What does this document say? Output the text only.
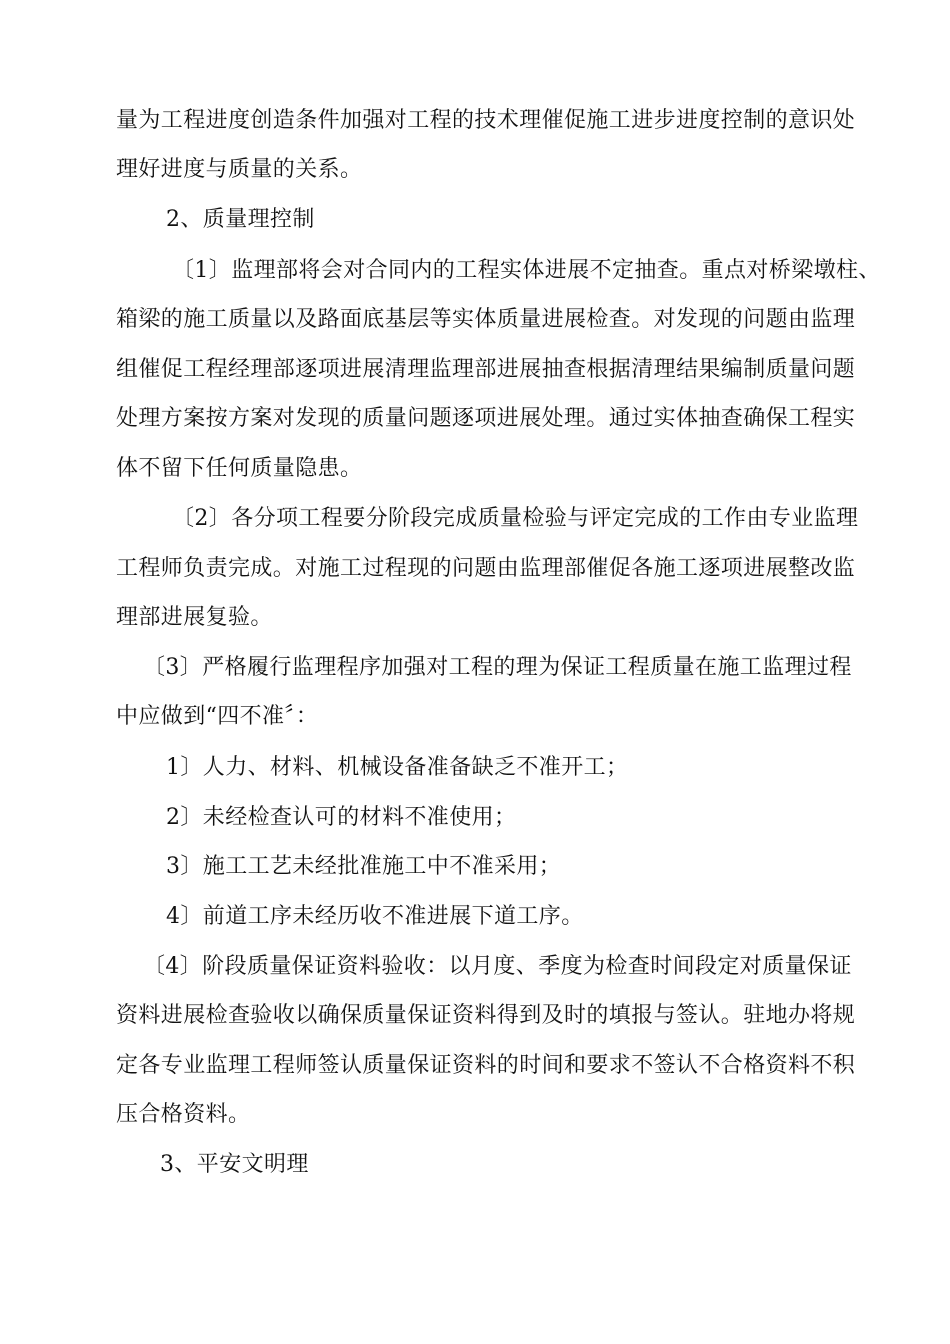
量为工程进度创造条件加强对工程的技术理催促施工进步进度控制的意识处
理好进度与质量的关系。
2、质量理控制
〔1〕监理部将会对合同内的工程实体进展不定抽查。重点对桥梁墩柱、
箱梁的施工质量以及路面底基层等实体质量进展检查。对发现的问题由监理
组催促工程经理部逐项进展清理监理部进展抽查根据清理结果编制质量问题
处理方案按方案对发现的质量问题逐项进展处理。通过实体抽查确保工程实
体不留下任何质量隐患。
〔2〕各分项工程要分阶段完成质量检验与评定完成的工作由专业监理
工程师负责完成。对施工过程现的问题由监理部催促各施工逐项进展整改监
理部进展复验。
〔3〕严格履行监理程序加强对工程的理为保证工程质量在施工监理过程
中应做到“四不准〞：
1〕人力、材料、机械设备准备缺乏不准开工；
2〕未经检查认可的材料不准使用；
3〕施工工艺未经批准施工中不准采用；
4〕前道工序未经历收不准进展下道工序。
〔4〕阶段质量保证资料验收：以月度、季度为检查时间段定对质量保证
资料进展检查验收以确保质量保证资料得到及时的填报与签认。驻地办将规
定各专业监理工程师签认质量保证资料的时间和要求不签认不合格资料不积
压合格资料。
3、平安文明理
